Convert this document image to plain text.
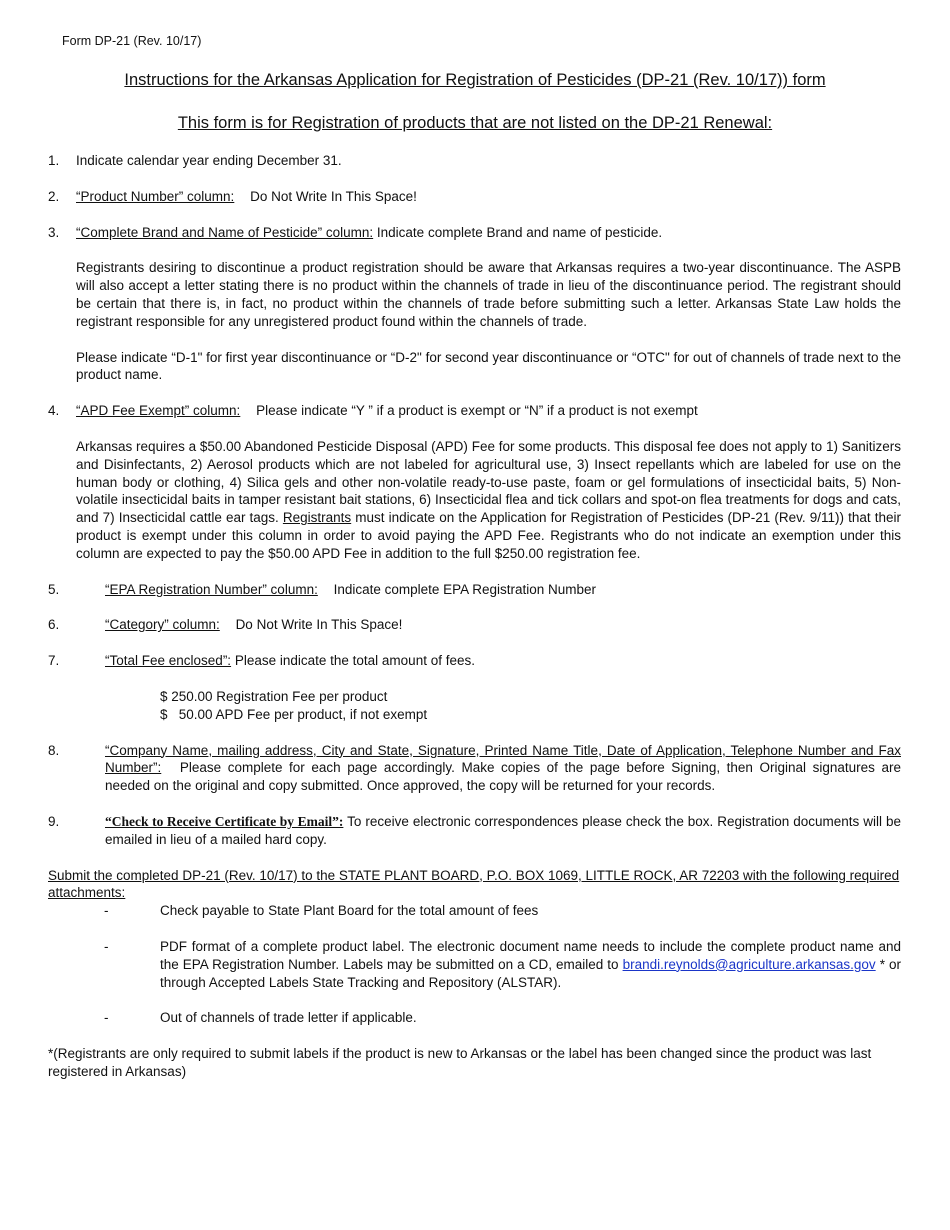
Form DP-21 (Rev. 10/17)
Instructions for the Arkansas Application for Registration of Pesticides (DP-21 (Rev. 10/17)) form
This form is for Registration of products that are not listed on the DP-21 Renewal:
1.	Indicate calendar year ending December 31.
2.	“Product Number” column: Do Not Write In This Space!
3.	“Complete Brand and Name of Pesticide” column: Indicate complete Brand and name of pesticide.
Registrants desiring to discontinue a product registration should be aware that Arkansas requires a two-year discontinuance. The ASPB will also accept a letter stating there is no product within the channels of trade in lieu of the discontinuance period. The registrant should be certain that there is, in fact, no product within the channels of trade before submitting such a letter. Arkansas State Law holds the registrant responsible for any unregistered product found within the channels of trade.
Please indicate “D-1" for first year discontinuance or “D-2" for second year discontinuance or “OTC" for out of channels of trade next to the product name.
4.	“APD Fee Exempt” column: Please indicate “Y ” if a product is exempt or “N” if a product is not exempt
Arkansas requires a $50.00 Abandoned Pesticide Disposal (APD) Fee for some products. This disposal fee does not apply to 1) Sanitizers and Disinfectants, 2) Aerosol products which are not labeled for agricultural use, 3) Insect repellants which are labeled for use on the human body or clothing, 4) Silica gels and other non-volatile ready-to-use paste, foam or gel formulations of insecticidal baits, 5) Non-volatile insecticidal baits in tamper resistant bait stations, 6) Insecticidal flea and tick collars and spot-on flea treatments for dogs and cats, and 7) Insecticidal cattle ear tags. Registrants must indicate on the Application for Registration of Pesticides (DP-21 (Rev. 9/11)) that their product is exempt under this column in order to avoid paying the APD Fee. Registrants who do not indicate an exemption under this column are expected to pay the $50.00 APD Fee in addition to the full $250.00 registration fee.
5.	“EPA Registration Number” column: Indicate complete EPA Registration Number
6.	“Category” column: Do Not Write In This Space!
7.	“Total Fee enclosed”: Please indicate the total amount of fees.
$ 250.00 Registration Fee per product
$   50.00 APD Fee per product, if not exempt
8.	“Company Name, mailing address, City and State, Signature, Printed Name Title, Date of Application, Telephone Number and Fax Number”: Please complete for each page accordingly. Make copies of the page before Signing, then Original signatures are needed on the original and copy submitted. Once approved, the copy will be returned for your records.
9.	“Check to Receive Certificate by Email”: To receive electronic correspondences please check the box. Registration documents will be emailed in lieu of a mailed hard copy.
Submit the completed DP-21 (Rev. 10/17) to the STATE PLANT BOARD, P.O. BOX 1069, LITTLE ROCK, AR 72203 with the following required attachments:
-	Check payable to State Plant Board for the total amount of fees
-	PDF format of a complete product label. The electronic document name needs to include the complete product name and the EPA Registration Number. Labels may be submitted on a CD, emailed to brandi.reynolds@agriculture.arkansas.gov * or through Accepted Labels State Tracking and Repository (ALSTAR).
-	Out of channels of trade letter if applicable.
*(Registrants are only required to submit labels if the product is new to Arkansas or the label has been changed since the product was last registered in Arkansas)
